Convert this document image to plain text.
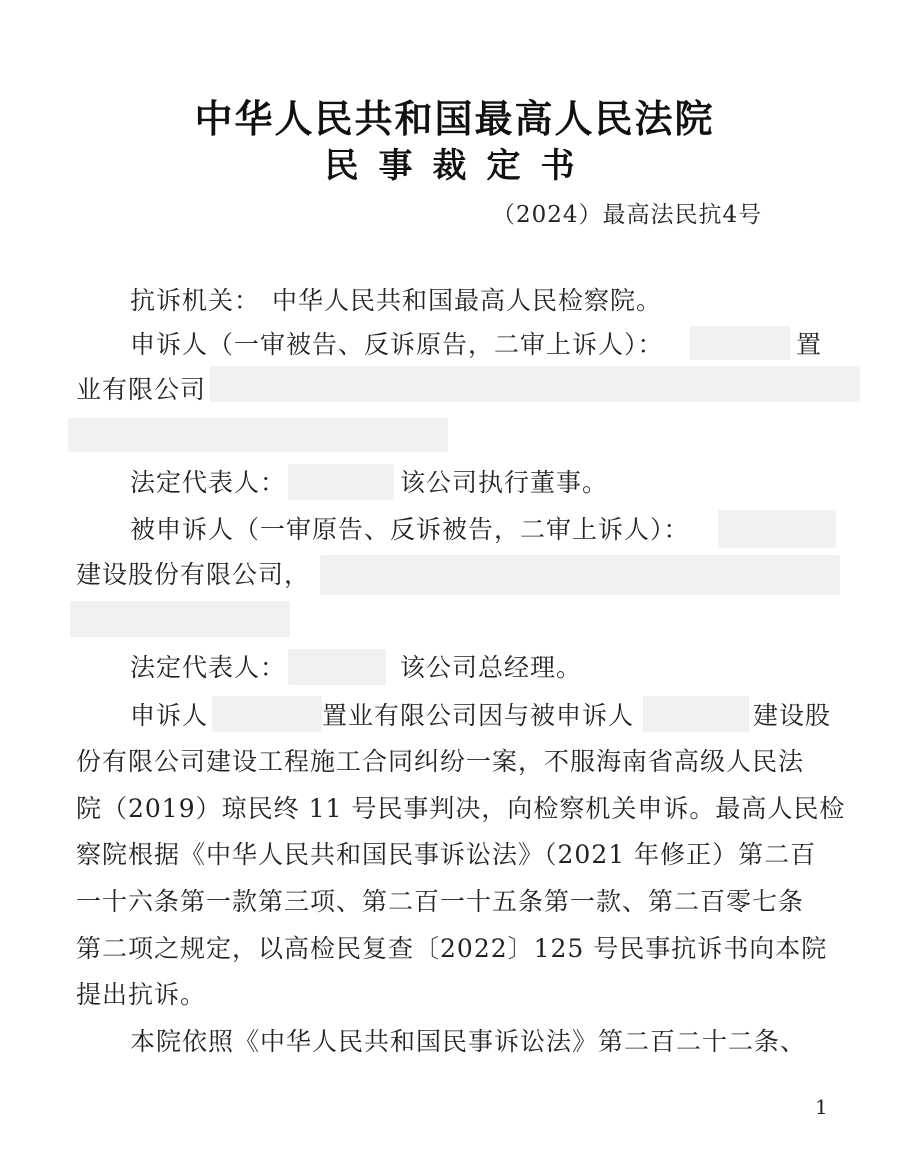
中华人民共和国最高人民法院
民事裁定书
（2024）最高法民抗4号
抗诉机关： 中华人民共和国最高人民检察院。
申诉人（一审被告、反诉原告，二审上诉人）：	置
业有限公司
法定代表人：	该公司执行董事。
被申诉人（一审原告、反诉被告，二审上诉人）：
建设股份有限公司，
法定代表人：	该公司总经理。
申诉人	置业有限公司因与被申诉人	建设股
份有限公司建设工程施工合同纠纷一案，不服海南省高级人民法
院（2019）琼民终 11 号民事判决，向检察机关申诉。最高人民检
察院根据《中华人民共和国民事诉讼法》（2021 年修正）第二百
一十六条第一款第三项、第二百一十五条第一款、第二百零七条
第二项之规定，以高检民复查〔2022〕125 号民事抗诉书向本院
提出抗诉。
本院依照《中华人民共和国民事诉讼法》第二百二十二条、
1
